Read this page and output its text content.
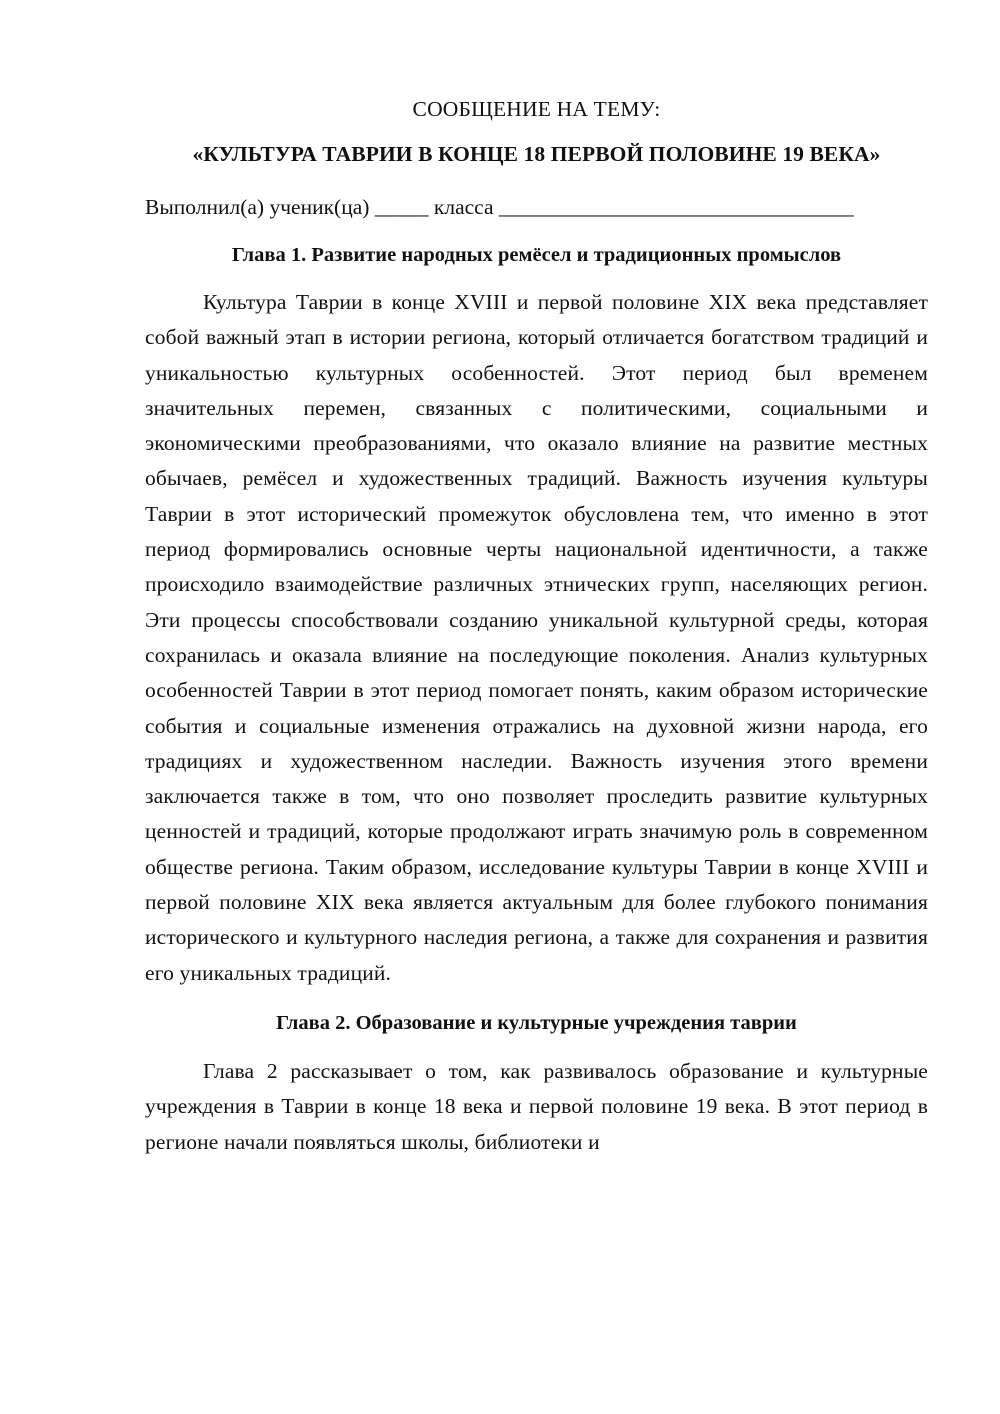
СООБЩЕНИЕ НА ТЕМУ:

«КУЛЬТУРА ТАВРИИ В КОНЦЕ 18 ПЕРВОЙ ПОЛОВИНЕ 19 ВЕКА»

Выполнил(а) ученик(ца) _____ класса _________________________________

Глава 1. Развитие народных ремёсел и традиционных промыслов

Культура Таврии в конце XVIII и первой половине XIX века представляет собой важный этап в истории региона, который отличается богатством традиций и уникальностью культурных особенностей. Этот период был временем значительных перемен, связанных с политическими, социальными и экономическими преобразованиями, что оказало влияние на развитие местных обычаев, ремёсел и художественных традиций. Важность изучения культуры Таврии в этот исторический промежуток обусловлена тем, что именно в этот период формировались основные черты национальной идентичности, а также происходило взаимодействие различных этнических групп, населяющих регион. Эти процессы способствовали созданию уникальной культурной среды, которая сохранилась и оказала влияние на последующие поколения. Анализ культурных особенностей Таврии в этот период помогает понять, каким образом исторические события и социальные изменения отражались на духовной жизни народа, его традициях и художественном наследии. Важность изучения этого времени заключается также в том, что оно позволяет проследить развитие культурных ценностей и традиций, которые продолжают играть значимую роль в современном обществе региона. Таким образом, исследование культуры Таврии в конце XVIII и первой половине XIX века является актуальным для более глубокого понимания исторического и культурного наследия региона, а также для сохранения и развития его уникальных традиций.

Глава 2. Образование и культурные учреждения таврии

Глава 2 рассказывает о том, как развивалось образование и культурные учреждения в Таврии в конце 18 века и первой половине 19 века. В этот период в регионе начали появляться школы, библиотеки и
